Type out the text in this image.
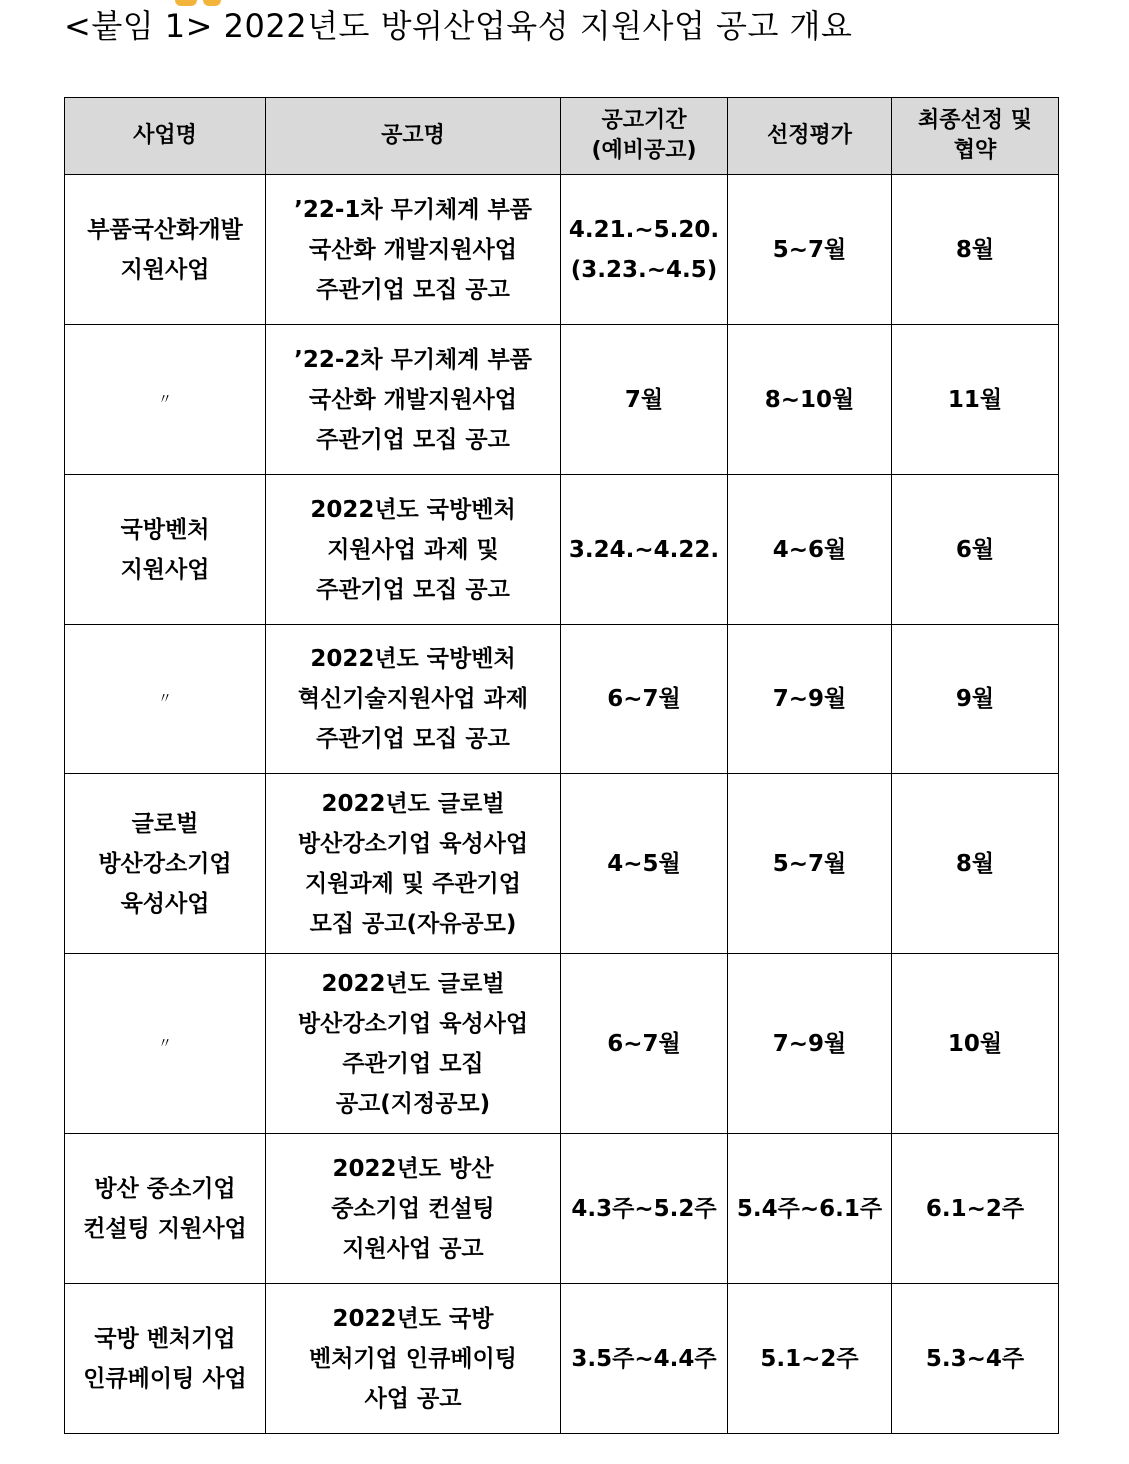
<붙임 1> 2022년도 방위산업육성 지원사업 공고 개요
사업명	공고명	공고기간
(예비공고)	선정평가	최종선정 및
협약

부품국산화개발
지원사업	’22-1차 무기체계 부품
국산화 개발지원사업
주관기업 모집 공고	4.21.~5.20.
(3.23.~4.5)	5~7월	8월

〃	’22-2차 무기체계 부품
국산화 개발지원사업
주관기업 모집 공고	7월	8~10월	11월

국방벤처
지원사업	2022년도 국방벤처
지원사업 과제 및
주관기업 모집 공고	3.24.~4.22.	4~6월	6월

〃	2022년도 국방벤처
혁신기술지원사업 과제
주관기업 모집 공고	6~7월	7~9월	9월

글로벌
방산강소기업
육성사업	2022년도 글로벌
방산강소기업 육성사업
지원과제 및 주관기업
모집 공고(자유공모)	4~5월	5~7월	8월

〃	2022년도 글로벌
방산강소기업 육성사업
주관기업 모집
공고(지정공모)	6~7월	7~9월	10월

방산 중소기업
컨설팅 지원사업	2022년도 방산
중소기업 컨설팅
지원사업 공고	4.3주~5.2주	5.4주~6.1주	6.1~2주

국방 벤처기업
인큐베이팅 사업	2022년도 국방
벤처기업 인큐베이팅
사업 공고	3.5주~4.4주	5.1~2주	5.3~4주
